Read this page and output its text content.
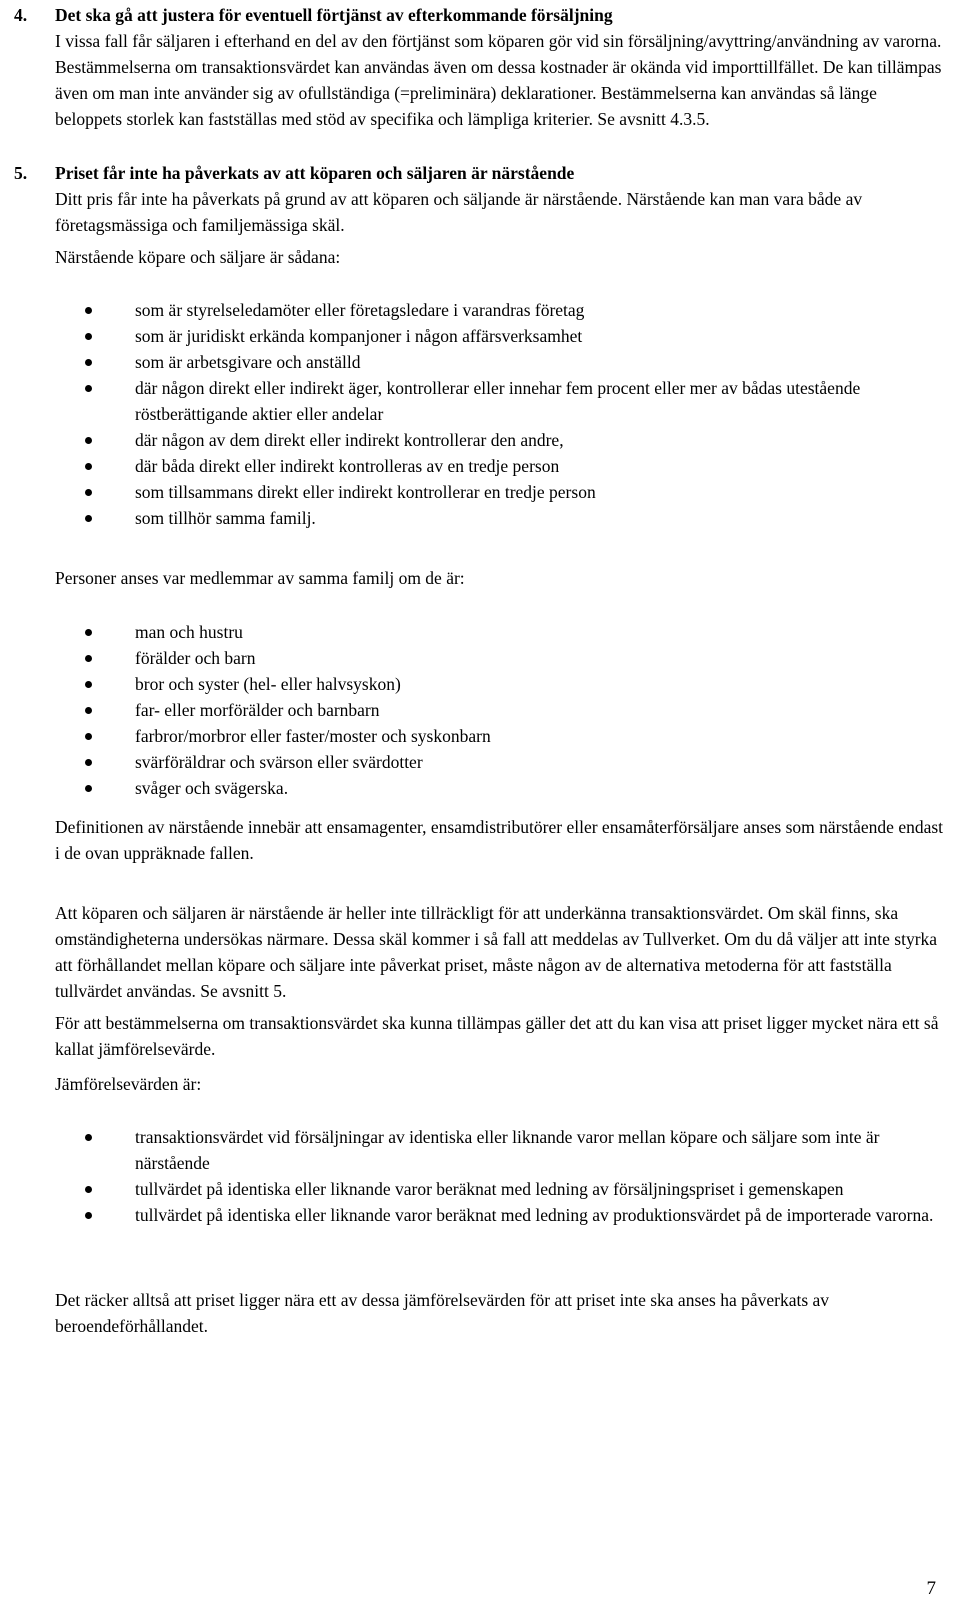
4. Det ska gå att justera för eventuell förtjänst av efterkommande försäljning
I vissa fall får säljaren i efterhand en del av den förtjänst som köparen gör vid sin försäljning/avyttring/användning av varorna. Bestämmelserna om transaktionsvärdet kan användas även om dessa kostnader är okända vid importtillfället. De kan tillämpas även om man inte använder sig av ofullständiga (=preliminära) deklarationer. Bestämmelserna kan användas så länge beloppets storlek kan fastställas med stöd av specifika och lämpliga kriterier. Se avsnitt 4.3.5.
5. Priset får inte ha påverkats av att köparen och säljaren är närstående
Ditt pris får inte ha påverkats på grund av att köparen och säljande är närstående. Närstående kan man vara både av företagsmässiga och familjemässiga skäl.

Närstående köpare och säljare är sådana:

som är styrelseledamöter eller företagsledare i varandras företag
som är juridiskt erkända kompanjoner i någon affärsverksamhet
som är arbetsgivare och anställd
där någon direkt eller indirekt äger, kontrollerar eller innehar fem procent eller mer av bådas utestående röstberättigande aktier eller andelar
där någon av dem direkt eller indirekt kontrollerar den andre,
där båda direkt eller indirekt kontrolleras av en tredje person
som tillsammans direkt eller indirekt kontrollerar en tredje person
som tillhör samma familj.

Personer anses var medlemmar av samma familj om de är:

man och hustru
förälder och barn
bror och syster (hel- eller halvsyskon)
far- eller morförälder och barnbarn
farbror/morbror eller faster/moster och syskonbarn
svärföräldrar och svärson eller svärdotter
svåger och svägerska.

Definitionen av närstående innebär att ensamagenter, ensamdistributörer eller ensamåterförsäljare anses som närstående endast i de ovan uppräknade fallen.

Att köparen och säljaren är närstående är heller inte tillräckligt för att underkänna transaktionsvärdet. Om skäl finns, ska omständigheterna undersökas närmare. Dessa skäl kommer i så fall att meddelas av Tullverket. Om du då väljer att inte styrka att förhållandet mellan köpare och säljare inte påverkat priset, måste någon av de alternativa metoderna för att fastställa tullvärdet användas. Se avsnitt 5.

För att bestämmelserna om transaktionsvärdet ska kunna tillämpas gäller det att du kan visa att priset ligger mycket nära ett så kallat jämförelsevärde.

Jämförelsevärden är:

transaktionsvärdet vid försäljningar av identiska eller liknande varor mellan köpare och säljare som inte är närstående
tullvärdet på identiska eller liknande varor beräknat med ledning av försäljningspriset i gemenskapen
tullvärdet på identiska eller liknande varor beräknat med ledning av produktionsvärdet på de importerade varorna.

Det räcker alltså att priset ligger nära ett av dessa jämförelsevärden för att priset inte ska anses ha påverkats av beroendeförhållandet.

7
